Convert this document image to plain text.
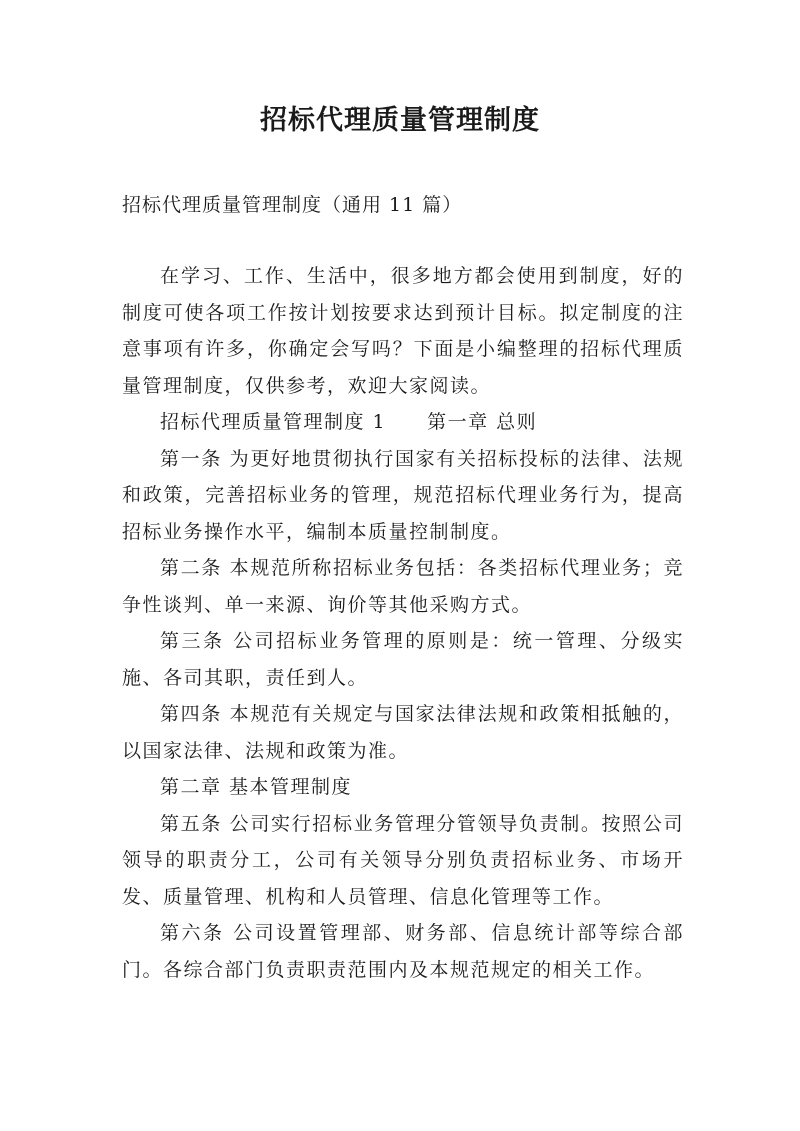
招标代理质量管理制度
招标代理质量管理制度（通用 11 篇）

在学习、工作、生活中，很多地方都会使用到制度，好的制度可使各项工作按计划按要求达到预计目标。拟定制度的注意事项有许多，你确定会写吗？下面是小编整理的招标代理质量管理制度，仅供参考，欢迎大家阅读。

招标代理质量管理制度 1　　第一章 总则

第一条 为更好地贯彻执行国家有关招标投标的法律、法规和政策，完善招标业务的管理，规范招标代理业务行为，提高招标业务操作水平，编制本质量控制制度。

第二条 本规范所称招标业务包括：各类招标代理业务；竞争性谈判、单一来源、询价等其他采购方式。

第三条 公司招标业务管理的原则是：统一管理、分级实施、各司其职，责任到人。

第四条 本规范有关规定与国家法律法规和政策相抵触的，以国家法律、法规和政策为准。

第二章 基本管理制度

第五条 公司实行招标业务管理分管领导负责制。按照公司领导的职责分工，公司有关领导分别负责招标业务、市场开发、质量管理、机构和人员管理、信息化管理等工作。

第六条 公司设置管理部、财务部、信息统计部等综合部门。各综合部门负责职责范围内及本规范规定的相关工作。
